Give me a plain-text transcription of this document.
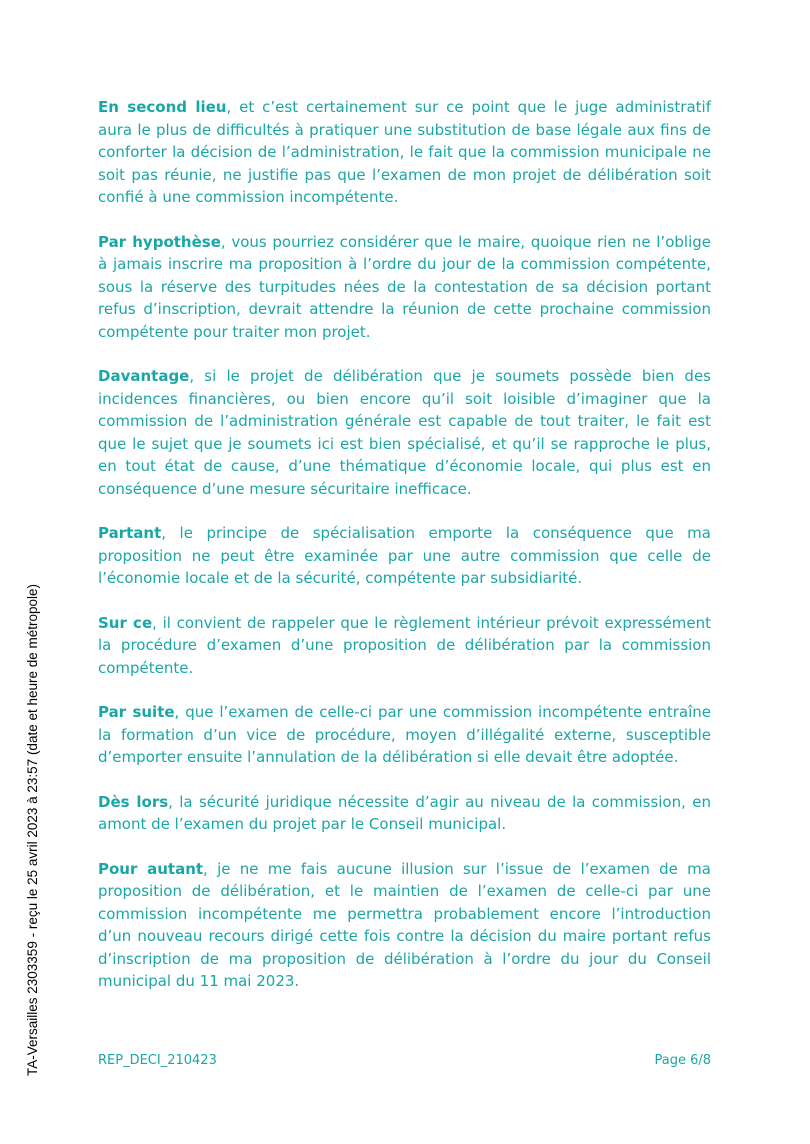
En second lieu, et c’est certainement sur ce point que le juge administratif aura le plus de difficultés à pratiquer une substitution de base légale aux fins de conforter la décision de l’administration, le fait que la commission municipale ne soit pas réunie, ne justifie pas que l’examen de mon projet de délibération soit confié à une commission incompétente.

Par hypothèse, vous pourriez considérer que le maire, quoique rien ne l’oblige à jamais inscrire ma proposition à l’ordre du jour de la commission compétente, sous la réserve des turpitudes nées de la contestation de sa décision portant refus d’inscription, devrait attendre la réunion de cette prochaine commission compétente pour traiter mon projet.

Davantage, si le projet de délibération que je soumets possède bien des incidences financières, ou bien encore qu’il soit loisible d’imaginer que la commission de l’administration générale est capable de tout traiter, le fait est que le sujet que je soumets ici est bien spécialisé, et qu’il se rapproche le plus, en tout état de cause, d’une thématique d’économie locale, qui plus est en conséquence d’une mesure sécuritaire inefficace.

Partant, le principe de spécialisation emporte la conséquence que ma proposition ne peut être examinée par une autre commission que celle de l’économie locale et de la sécurité, compétente par subsidiarité.

Sur ce, il convient de rappeler que le règlement intérieur prévoit expressément la procédure d’examen d’une proposition de délibération par la commission compétente.

Par suite, que l’examen de celle-ci par une commission incompétente entraîne la formation d’un vice de procédure, moyen d’illégalité externe, susceptible d’emporter ensuite l’annulation de la délibération si elle devait être adoptée.

Dès lors, la sécurité juridique nécessite d’agir au niveau de la commission, en amont de l’examen du projet par le Conseil municipal.

Pour autant, je ne me fais aucune illusion sur l’issue de l’examen de ma proposition de délibération, et le maintien de l’examen de celle-ci par une commission incompétente me permettra probablement encore l’introduction d’un nouveau recours dirigé cette fois contre la décision du maire portant refus d’inscription de ma proposition de délibération à l’ordre du jour du Conseil municipal du 11 mai 2023.

REP_DECI_210423	Page 6/8
TA-Versailles 2303359 - reçu le 25 avril 2023 à 23:57 (date et heure de métropole)
